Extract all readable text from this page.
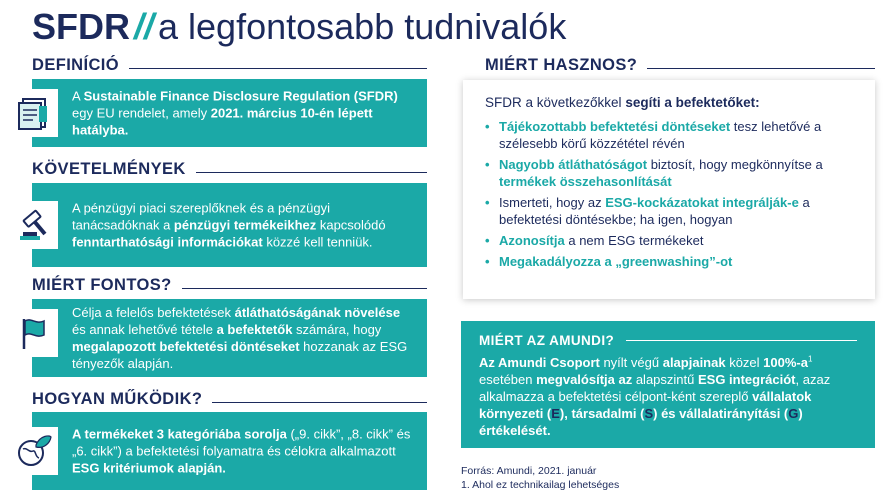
SFDR // a legfontosabb tudnivalók
DEFINÍCIÓ
A Sustainable Finance Disclosure Regulation (SFDR) egy EU rendelet, amely 2021. március 10-én lépett hatályba.
KÖVETELMÉNYEK
A pénzügyi piaci szereplőknek és a pénzügyi tanácsadóknak a pénzügyi termékeikhez kapcsolódó fenntarthatósági információkat közzé kell tenniük.
MIÉRT FONTOS?
Célja a felelős befektetések átláthatóságának növelése és annak lehetővé tétele a befektetők számára, hogy megalapozott befektetési döntéseket hozzanak az ESG tényezők alapján.
HOGYAN MŰKÖDIK?
A termékeket 3 kategóriába sorolja („9. cikk”, „8. cikk” és „6. cikk”) a befektetési folyamatra és célokra alkalmazott ESG kritériumok alapján.
MIÉRT HASZNOS?

SFDR a következőkkel segíti a befektetőket:

• Tájékozottabb befektetési döntéseket tesz lehetővé a szélesebb körű közzététel révén
• Nagyobb átláthatóságot biztosít, hogy megkönnyítse a termékek összehasonlítását
• Ismerteti, hogy az ESG-kockázatokat integrálják-e a befektetési döntésekbe; ha igen, hogyan
• Azonosítja a nem ESG termékeket
• Megakadályozza a „greenwashing”-ot
MIÉRT AZ AMUNDI?

Az Amundi Csoport nyílt végű alapjainak közel $100\%-a^1$ esetében megvalósítja az alapszintű ESG integrációt, azaz alkalmazza a befektetési célpont-ként szereplő vállalatok környezeti (E), társadalmi (S) és vállalatirányítási (G) értékelését.

Forrás: Amundi, 2021. január
1. Ahol ez technikailag lehetséges
